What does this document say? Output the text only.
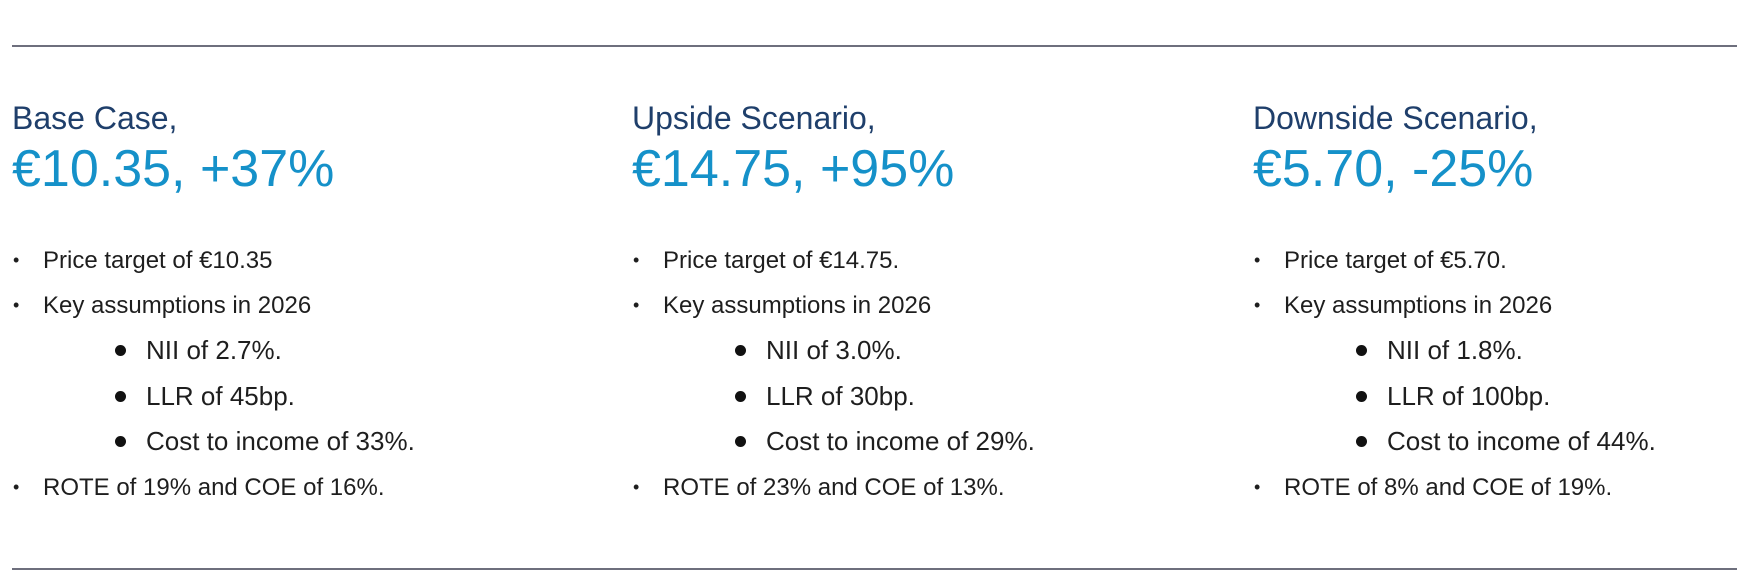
Base Case,
€10.35, +37%
• Price target of €10.35
• Key assumptions in 2026
NII of 2.7%.
LLR of 45bp.
Cost to income of 33%.
• ROTE of 19% and COE of 16%.
Upside Scenario,
€14.75, +95%
• Price target of €14.75.
• Key assumptions in 2026
NII of 3.0%.
LLR of 30bp.
Cost to income of 29%.
• ROTE of 23% and COE of 13%.
Downside Scenario,
€5.70, -25%
• Price target of €5.70.
• Key assumptions in 2026
NII of 1.8%.
LLR of 100bp.
Cost to income of 44%.
• ROTE of 8% and COE of 19%.
